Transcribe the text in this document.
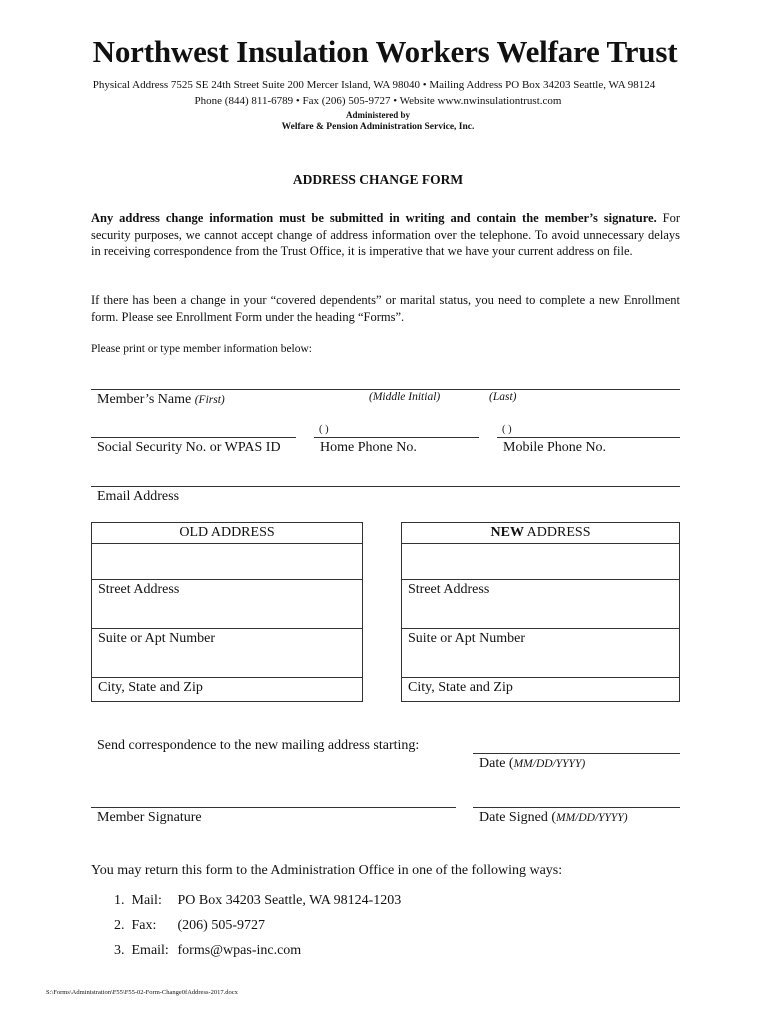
Northwest Insulation Workers Welfare Trust
Physical Address 7525 SE 24th Street Suite 200 Mercer Island, WA 98040 • Mailing Address PO Box 34203 Seattle, WA 98124
Phone (844) 811-6789 • Fax (206) 505-9727 • Website www.nwinsulationtrust.com
Administered by
Welfare & Pension Administration Service, Inc.
ADDRESS CHANGE FORM
Any address change information must be submitted in writing and contain the member’s signature. For security purposes, we cannot accept change of address information over the telephone. To avoid unnecessary delays in receiving correspondence from the Trust Office, it is imperative that we have your current address on file.
If there has been a change in your “covered dependents” or marital status, you need to complete a new Enrollment form. Please see Enrollment Form under the heading “Forms”.
Please print or type member information below:
Member’s Name (First)	(Middle Initial)	(Last)
( )	( )
Social Security No. or WPAS ID	Home Phone No.	Mobile Phone No.
Email Address
OLD ADDRESS
Street Address
Suite or Apt Number
City, State and Zip
NEW ADDRESS
Street Address
Suite or Apt Number
City, State and Zip
Send correspondence to the new mailing address starting:
Date (MM/DD/YYYY)
Member Signature	Date Signed (MM/DD/YYYY)
You may return this form to the Administration Office in one of the following ways:
1. Mail: PO Box 34203 Seattle, WA 98124-1203
2. Fax: (206) 505-9727
3. Email: forms@wpas-inc.com
S:\Forms\Administration\F55\F55-02-Form-Change0fAddress-2017.docx
